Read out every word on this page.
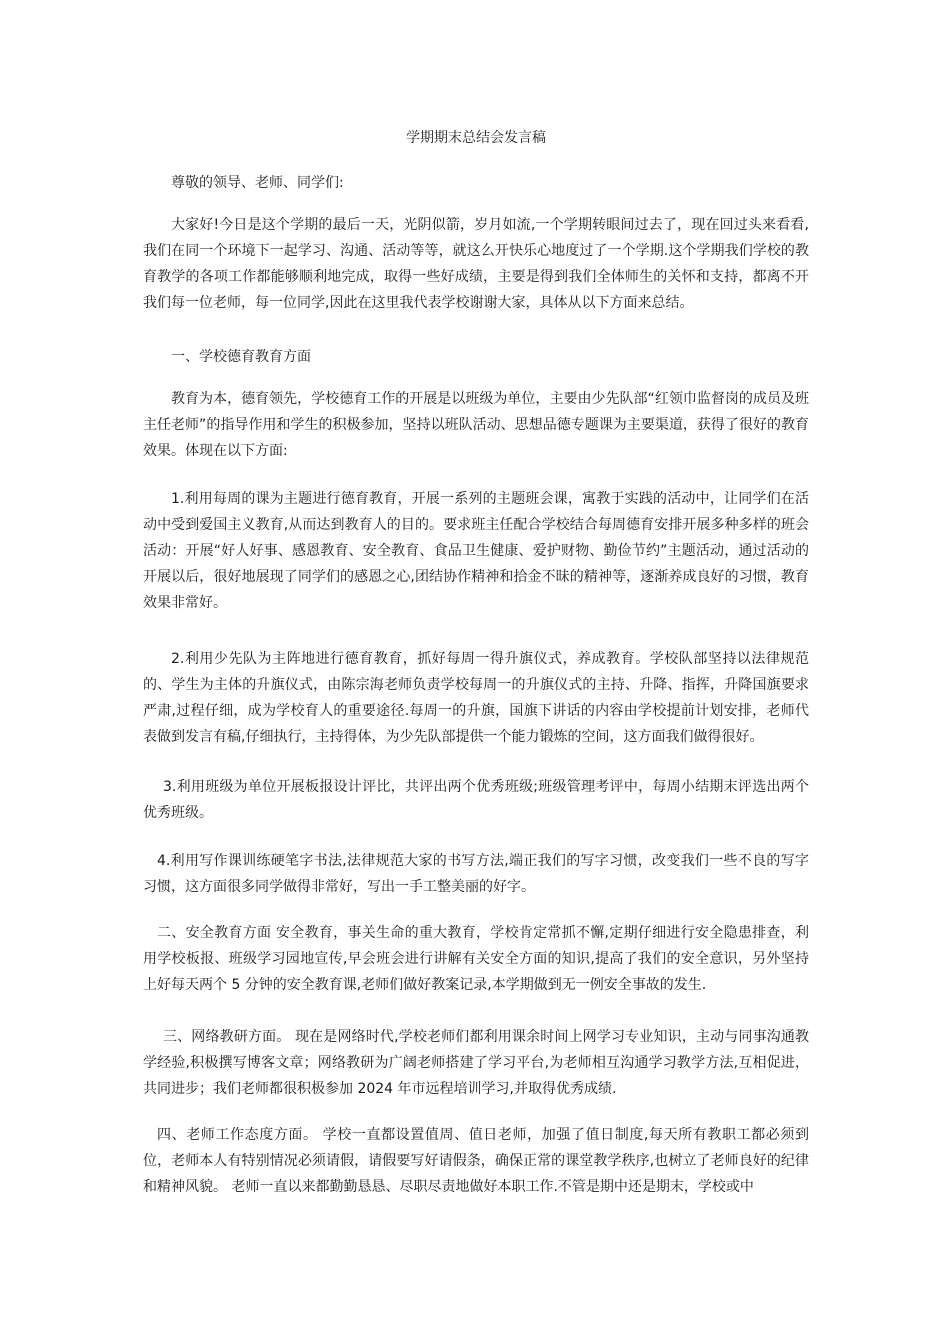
学期期末总结会发言稿

尊敬的领导、老师、同学们:

大家好!今日是这个学期的最后一天，光阴似箭，岁月如流,一个学期转眼间过去了，现在回过头来看看,我们在同一个环境下一起学习、沟通、活动等等，就这么开快乐心地度过了一个学期.这个学期我们学校的教育教学的各项工作都能够顺利地完成，取得一些好成绩，主要是得到我们全体师生的关怀和支持，都离不开我们每一位老师，每一位同学,因此在这里我代表学校谢谢大家，具体从以下方面来总结。

一、学校德育教育方面

教育为本，德育领先，学校德育工作的开展是以班级为单位，主要由少先队部“红领巾监督岗的成员及班主任老师”的指导作用和学生的积极参加，坚持以班队活动、思想品德专题课为主要渠道，获得了很好的教育效果。体现在以下方面:

1.利用每周的课为主题进行德育教育，开展一系列的主题班会课，寓教于实践的活动中，让同学们在活动中受到爱国主义教育,从而达到教育人的目的。要求班主任配合学校结合每周德育安排开展多种多样的班会活动：开展“好人好事、感恩教育、安全教育、食品卫生健康、爱护财物、勤俭节约”主题活动，通过活动的开展以后，很好地展现了同学们的感恩之心,团结协作精神和拾金不昧的精神等，逐渐养成良好的习惯，教育效果非常好。

2.利用少先队为主阵地进行德育教育，抓好每周一得升旗仪式，养成教育。学校队部坚持以法律规范的、学生为主体的升旗仪式，由陈宗海老师负责学校每周一的升旗仪式的主持、升降、指挥，升降国旗要求严肃,过程仔细，成为学校育人的重要途径.每周一的升旗，国旗下讲话的内容由学校提前计划安排，老师代表做到发言有稿,仔细执行，主持得体，为少先队部提供一个能力锻炼的空间，这方面我们做得很好。

3.利用班级为单位开展板报设计评比，共评出两个优秀班级;班级管理考评中，每周小结期末评选出两个优秀班级。

4.利用写作课训练硬笔字书法,法律规范大家的书写方法,端正我们的写字习惯，改变我们一些不良的写字习惯，这方面很多同学做得非常好，写出一手工整美丽的好字。

二、安全教育方面 安全教育，事关生命的重大教育，学校肯定常抓不懈,定期仔细进行安全隐患排查，利用学校板报、班级学习园地宣传,早会班会进行讲解有关安全方面的知识,提高了我们的安全意识，另外坚持上好每天两个 5 分钟的安全教育课,老师们做好教案记录,本学期做到无一例安全事故的发生.

三、网络教研方面。 现在是网络时代,学校老师们都利用课余时间上网学习专业知识，主动与同事沟通教学经验,积极撰写博客文章；网络教研为广阔老师搭建了学习平台,为老师相互沟通学习教学方法,互相促进，共同进步；我们老师都很积极参加 2024 年市远程培训学习,并取得优秀成绩.

四、老师工作态度方面。 学校一直都设置值周、值日老师，加强了值日制度,每天所有教职工都必须到位，老师本人有特别情况必须请假，请假要写好请假条，确保正常的课堂教学秩序,也树立了老师良好的纪律和精神风貌。 老师一直以来都勤勤恳恳、尽职尽责地做好本职工作.不管是期中还是期末，学校或中
